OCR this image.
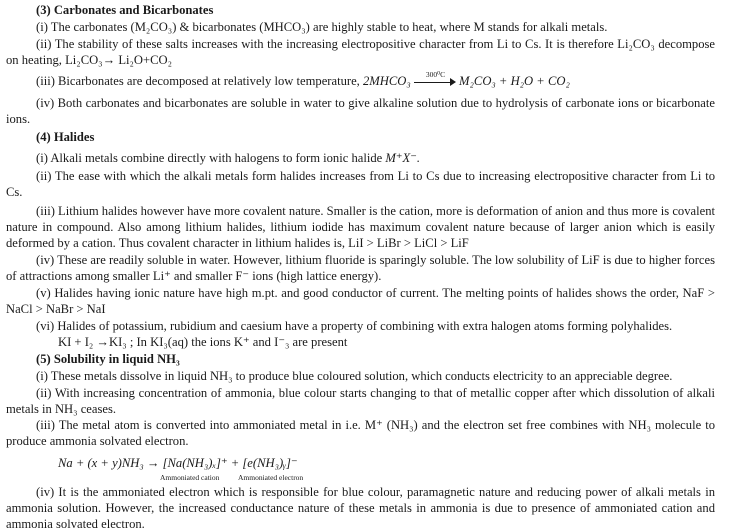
(3) Carbonates and Bicarbonates
(i) The carbonates (M₂CO₃) & bicarbonates (MHCO₃) are highly stable to heat, where M stands for alkali metals.
(ii) The stability of these salts increases with the increasing electropositive character from Li to Cs. It is therefore Li₂CO₃ decompose
on heating, Li₂CO₃→ Li₂O+CO₂
(iii) Bicarbonates are decomposed at relatively low temperature, 2MHCO₃ 300⁰C M₂CO₃ + H₂O + CO₂
(iv) Both carbonates and bicarbonates are soluble in water to give alkaline solution due to hydrolysis of carbonate ions or bicarbonate
ions.
(4) Halides
(i) Alkali metals combine directly with halogens to form ionic halide M⁺X⁻.
(ii) The ease with which the alkali metals form halides increases from Li to Cs due to increasing electropositive character from Li to
Cs.
(iii) Lithium halides however have more covalent nature. Smaller is the cation, more is deformation of anion and thus more is covalent
nature in compound. Also among lithium halides, lithium iodide has maximum covalent nature because of larger anion which is easily
deformed by a cation. Thus covalent character in lithium halides is, LiI > LiBr > LiCl > LiF
(iv) These are readily soluble in water. However, lithium fluoride is sparingly soluble. The low solubility of LiF is due to higher forces
of attractions among smaller Li⁺ and smaller F⁻ ions (high lattice energy).
(v) Halides having ionic nature have high m.pt. and good conductor of current. The melting points of halides shows the order, NaF >
NaCl > NaBr > NaI
(vi) Halides of potassium, rubidium and caesium have a property of combining with extra halogen atoms forming polyhalides.
KI + I₂ →KI₃ ; In KI₃(aq) the ions K⁺ and I⁻₃ are present
(5) Solubility in liquid NH₃
(i) These metals dissolve in liquid NH₃ to produce blue coloured solution, which conducts electricity to an appreciable degree.
(ii) With increasing concentration of ammonia, blue colour starts changing to that of metallic copper after which dissolution of alkali
metals in NH₃ ceases.
(iii) The metal atom is converted into ammoniated metal in i.e. M⁺ (NH₃) and the electron set free combines with NH₃ molecule to
produce ammonia solvated electron.
Na + (x + y)NH₃ → [Na(NH₃)ₓ]⁺ + [e(NH₃)ᵧ]⁻
Ammoniated cation Ammoniated electron
(iv) It is the ammoniated electron which is responsible for blue colour, paramagnetic nature and reducing power of alkali metals in
ammonia solution. However, the increased conductance nature of these metals in ammonia is due to presence of ammoniated cation and
ammonia solvated electron.
